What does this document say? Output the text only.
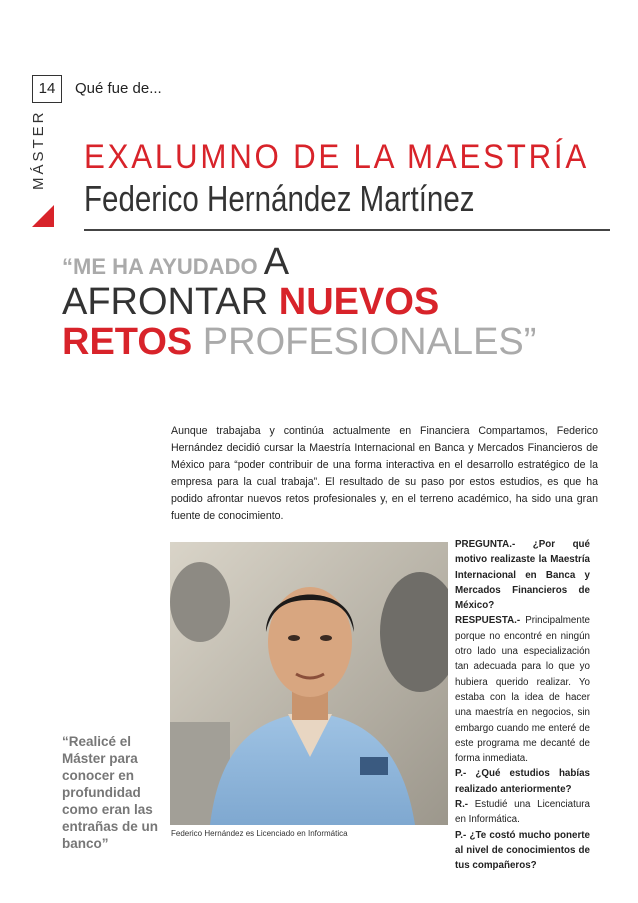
14	Qué fue de...
MÁSTER EXALUMNO DE LA MAESTRÍA
Federico Hernández Martínez
“ME HA AYUDADO A
AFRONTAR NUEVOS
RETOS PROFESIONALES”
Aunque trabajaba y continúa actualmente en Financiera Compartamos, Federico Hernández decidió cursar la Maestría Internacional en Banca y Mercados Financieros de México para “poder contribuir de una forma interactiva en el desarrollo estratégico de la empresa para la cual trabaja”. El resultado de su paso por estos estudios, es que ha podido afrontar nuevos retos profesionales y, en el terreno académico, ha sido una gran fuente de conocimiento.
Federico Hernández es Licenciado en Informática
“Realicé el Máster para conocer en profundidad como eran las entrañas de un banco”

PREGUNTA.- ¿Por qué motivo realizaste la Maestría Internacional en Banca y Mercados Financieros de México?

RESPUESTA.- Principalmente porque no encontré en ningún otro lado una especialización tan adecuada para lo que yo hubiera querido realizar. Yo estaba con la idea de hacer una maestría en negocios, sin embargo cuando me enteré de este programa me decanté de forma inmediata.

P.- ¿Qué estudios habías realizado anteriormente?

R.- Estudié una Licenciatura en Informática.

P.- ¿Te costó mucho ponerte al nivel de conocimientos de tus compañeros?
